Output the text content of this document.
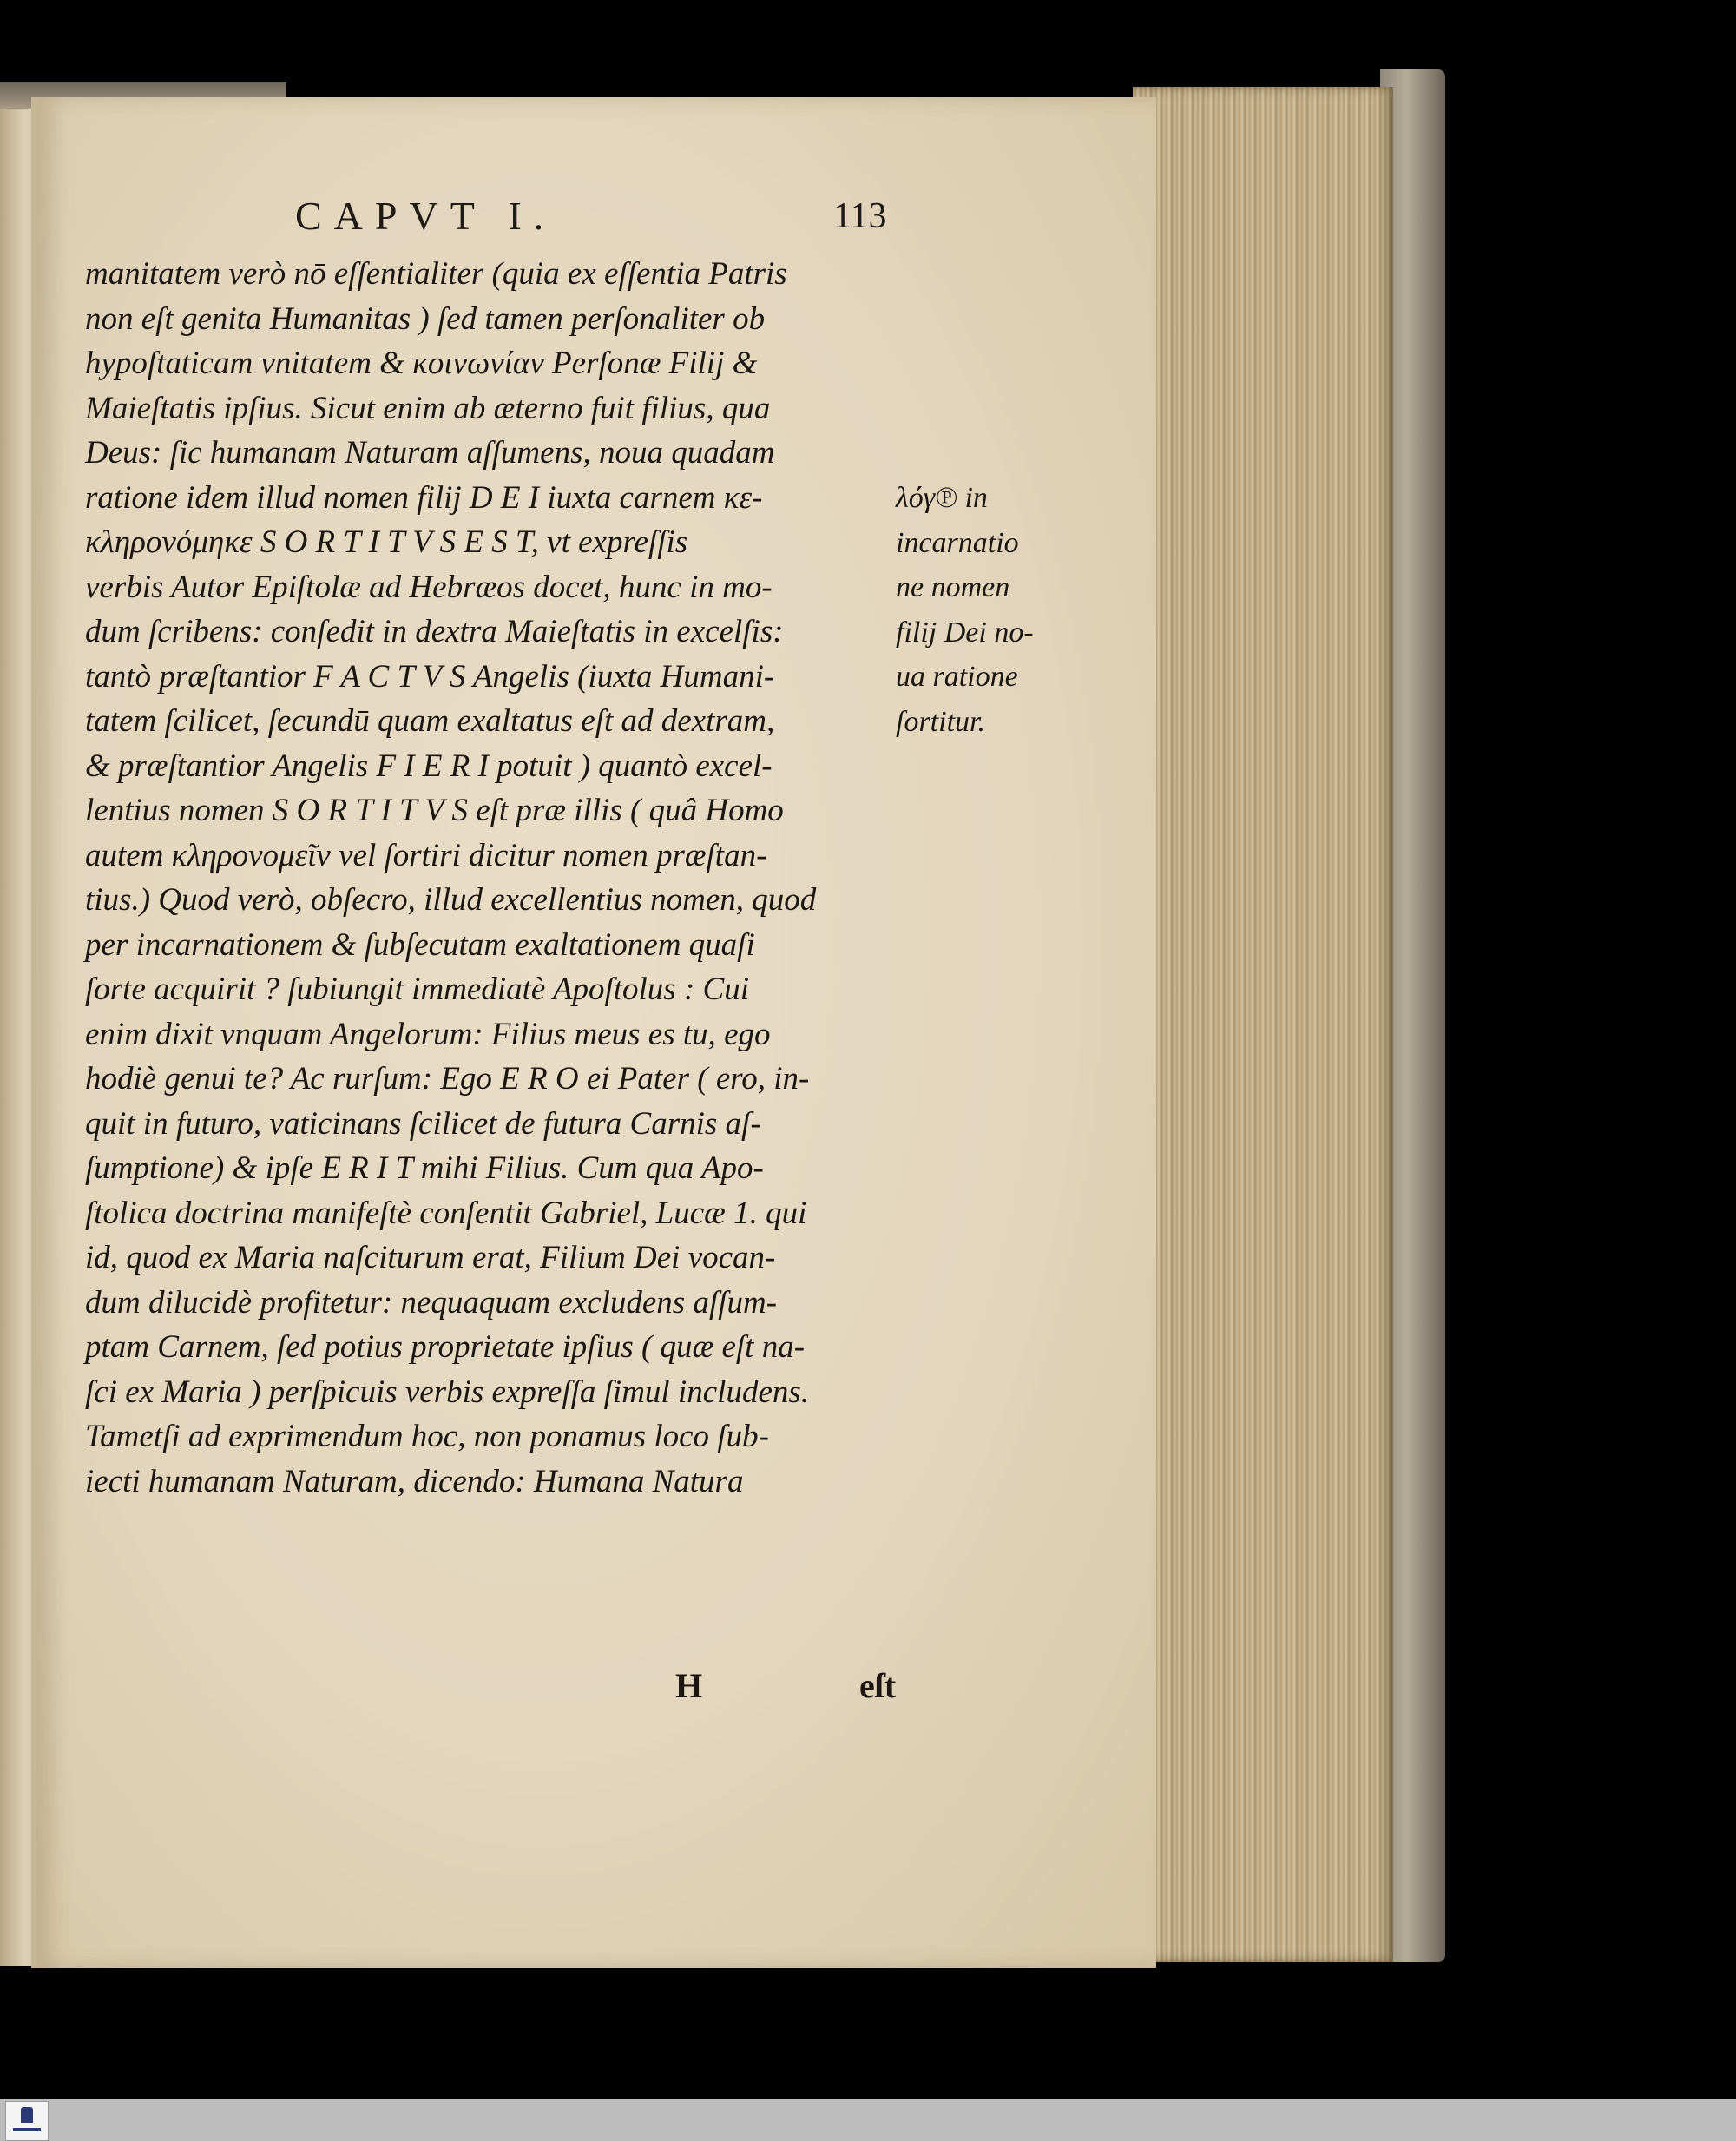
CAPVT I.	113
manitatem verò nō eſſentialiter (quia ex eſſentia Patris
non eſt genita Humanitas ) ſed tamen perſonaliter ob
hypoſtaticam vnitatem & κοινωνίαν Perſonæ Filij &
Maieſtatis ipſius. Sicut enim ab æterno fuit filius, qua
Deus: ſic humanam Naturam aſſumens, noua quadam
ratione idem illud nomen filij D E I iuxta carnem κε-
κληρονόμηκε S O R T I T V S E S T, vt expreſſis
verbis Autor Epiſtolæ ad Hebræos docet, hunc in mo-
dum ſcribens: conſedit in dextra Maieſtatis in excelſis:
tantò præſtantior F A C T V S Angelis (iuxta Humani-
tatem ſcilicet, ſecundū quam exaltatus eſt ad dextram,
& præſtantior Angelis F I E R I potuit ) quantò excel-
lentius nomen S O R T I T V S eſt præ illis ( quâ Homo
autem κληρονομεῖν vel ſortiri dicitur nomen præſtan-
tius.) Quod verò, obſecro, illud excellentius nomen, quod
per incarnationem & ſubſecutam exaltationem quaſi
ſorte acquirit ? ſubiungit immediatè Apoſtolus : Cui
enim dixit vnquam Angelorum: Filius meus es tu, ego
hodiè genui te? Ac rurſum: Ego E R O ei Pater ( ero, in-
quit in futuro, vaticinans ſcilicet de futura Carnis aſ-
ſumptione) & ipſe E R I T mihi Filius. Cum qua Apo-
ſtolica doctrina manifeſtè conſentit Gabriel, Lucæ 1. qui
id, quod ex Maria naſciturum erat, Filium Dei vocan-
dum dilucidè profitetur: nequaquam excludens aſſum-
ptam Carnem, ſed potius proprietate ipſius ( quæ eſt na-
ſci ex Maria ) perſpicuis verbis expreſſa ſimul includens.
Tametſi ad exprimendum hoc, non ponamus loco ſub-
iecti humanam Naturam, dicendo: Humana Natura
λόγ℗ in
incarnatio
ne nomen
filij Dei no-
ua ratione
ſortitur.
H	eſt
